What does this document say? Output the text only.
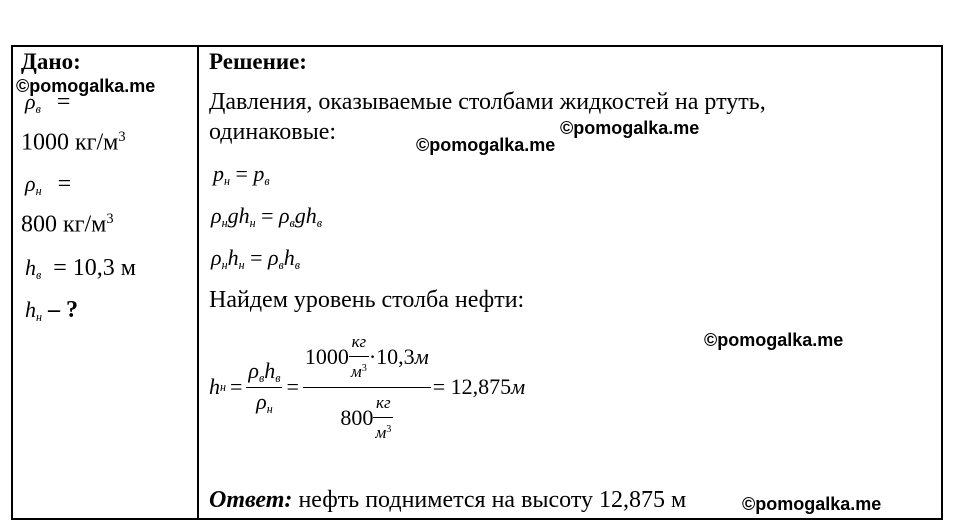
Дано:
$\rho_в$ =
1000 $кг/м^3$
$\rho_н$ =
800 $кг/м^3$
$h_в = 10,3$ м
$h_н$ – ?
Решение:
Давления, оказываемые столбами жидкостей на ртуть,
одинаковые:
$p_н = p_в$
$\rho_нgh_н = \rho_вgh_в$
$\rho_нh_н = \rho_вh_в$
Найдем уровень столба нефти:
h $н = \frac{\rho_вh_в}{\rho_н}$ =
$1000 \frac{кг}{м^3} \cdot 10,3$ м
$800 \frac{кг}{м^3}$
= 12,875 м
Ответ: нефть поднимется на высоту 12,875 м
©pomogalka.me
©pomogalka.me
©pomogalka.me
©pomogalka.me
©pomogalka.me
